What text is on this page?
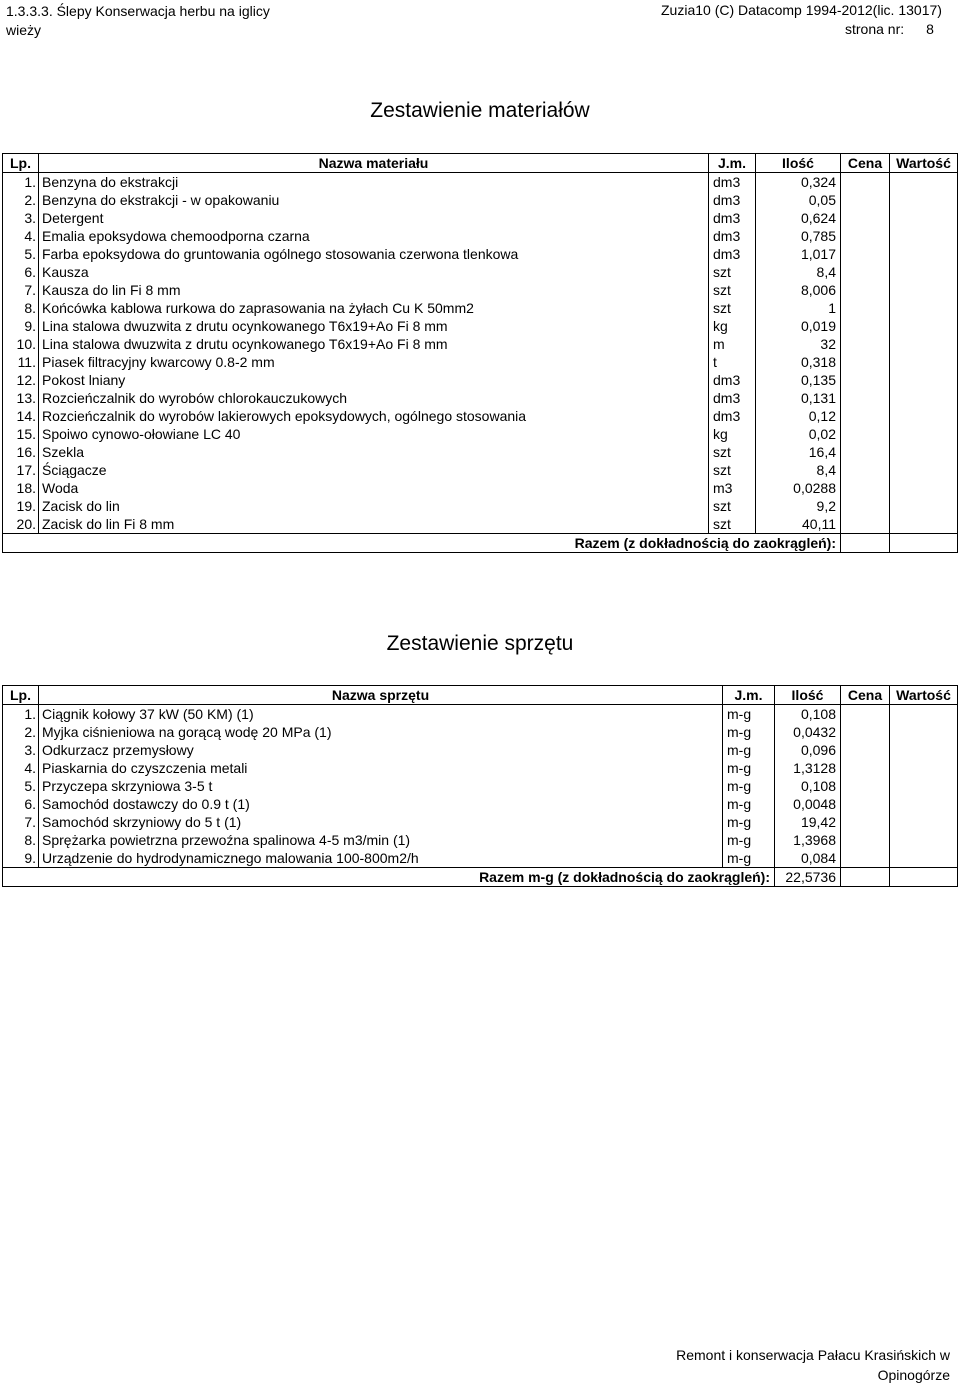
1.3.3.3. Ślepy Konserwacja herbu na iglicy
wieży
Zuzia10 (C) Datacomp 1994-2012(lic. 13017)
strona nr: 8
Zestawienie materiałów
Lp.	Nazwa materiału	J.m.	Ilość	Cena	Wartość
1.	Benzyna do ekstrakcji	dm3	0,324		
2.	Benzyna do ekstrakcji - w opakowaniu	dm3	0,05		
3.	Detergent	dm3	0,624		
4.	Emalia epoksydowa chemoodporna czarna	dm3	0,785		
5.	Farba epoksydowa do gruntowania ogólnego stosowania czerwona tlenkowa	dm3	1,017		
6.	Kausza	szt	8,4		
7.	Kausza do lin Fi 8 mm	szt	8,006		
8.	Końcówka kablowa rurkowa do zaprasowania na żyłach Cu K 50mm2	szt	1		
9.	Lina stalowa dwuzwita z drutu ocynkowanego T6x19+Ao Fi 8 mm	kg	0,019		
10.	Lina stalowa dwuzwita z drutu ocynkowanego T6x19+Ao Fi 8 mm	m	32		
11.	Piasek filtracyjny kwarcowy 0.8-2 mm	t	0,318		
12.	Pokost lniany	dm3	0,135		
13.	Rozcieńczalnik do wyrobów chlorokauczukowych	dm3	0,131		
14.	Rozcieńczalnik do wyrobów lakierowych epoksydowych, ogólnego stosowania	dm3	0,12		
15.	Spoiwo cynowo-ołowiane LC 40	kg	0,02		
16.	Szekla	szt	16,4		
17.	Ściągacze	szt	8,4		
18.	Woda	m3	0,0288		
19.	Zacisk do lin	szt	9,2		
20.	Zacisk do lin Fi 8 mm	szt	40,11		
Razem (z dokładnością do zaokrągleń):					
Zestawienie sprzętu
Lp.	Nazwa sprzętu	J.m.	Ilość	Cena	Wartość
1.	Ciągnik kołowy 37 kW (50 KM) (1)	m-g	0,108		
2.	Myjka ciśnieniowa na gorącą wodę 20 MPa (1)	m-g	0,0432		
3.	Odkurzacz przemysłowy	m-g	0,096		
4.	Piaskarnia do czyszczenia metali	m-g	1,3128		
5.	Przyczepa skrzyniowa 3-5 t	m-g	0,108		
6.	Samochód dostawczy do 0.9 t (1)	m-g	0,0048		
7.	Samochód skrzyniowy do 5 t (1)	m-g	19,42		
8.	Sprężarka powietrzna przewoźna spalinowa 4-5 m3/min (1)	m-g	1,3968		
9.	Urządzenie do hydrodynamicznego malowania 100-800m2/h	m-g	0,084		
Razem m-g (z dokładnością do zaokrągleń):			22,5736		
Remont i konserwacja Pałacu Krasińskich w
Opinogórze
